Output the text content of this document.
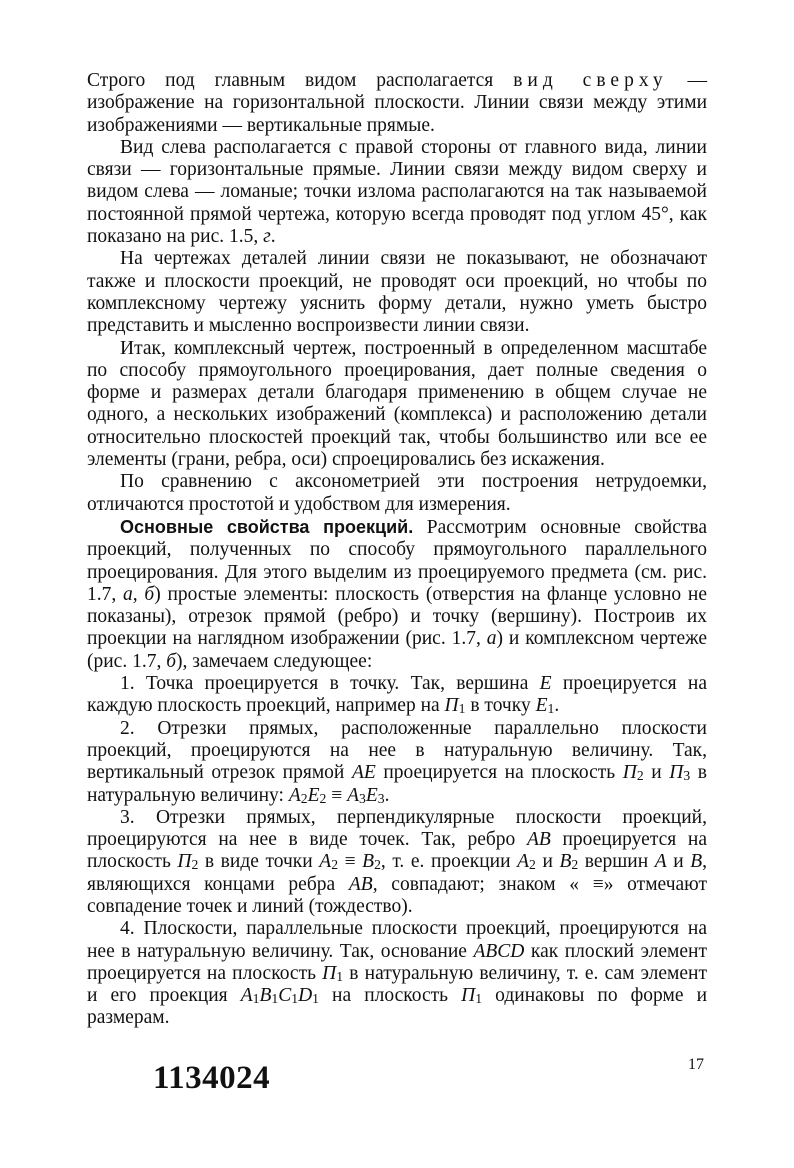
Строго под главным видом располагается вид сверху — изображение на горизонтальной плоскости. Линии связи между этими изображениями — вертикальные прямые.

Вид слева располагается с правой стороны от главного вида, линии связи — горизонтальные прямые. Линии связи между видом сверху и видом слева — ломаные; точки излома располагаются на так называемой постоянной прямой чертежа, которую всегда проводят под углом 45°, как показано на рис. 1.5, г.

На чертежах деталей линии связи не показывают, не обозначают также и плоскости проекций, не проводят оси проекций, но чтобы по комплексному чертежу уяснить форму детали, нужно уметь быстро представить и мысленно воспроизвести линии связи.

Итак, комплексный чертеж, построенный в определенном масштабе по способу прямоугольного проецирования, дает полные сведения о форме и размерах детали благодаря применению в общем случае не одного, а нескольких изображений (комплекса) и расположению детали относительно плоскостей проекций так, чтобы большинство или все ее элементы (грани, ребра, оси) спроецировались без искажения.

По сравнению с аксонометрией эти построения нетрудоемки, отличаются простотой и удобством для измерения.

Основные свойства проекций. Рассмотрим основные свойства проекций, полученных по способу прямоугольного параллельного проецирования. Для этого выделим из проецируемого предмета (см. рис. 1.7, а, б) простые элементы: плоскость (отверстия на фланце условно не показаны), отрезок прямой (ребро) и точку (вершину). Построив их проекции на наглядном изображении (рис. 1.7, а) и комплексном чертеже (рис. 1.7, б), замечаем следующее:

1. Точка проецируется в точку. Так, вершина E проецируется на каждую плоскость проекций, например на $П_1$ в точку $E_1$.

2. Отрезки прямых, расположенные параллельно плоскости проекций, проецируются на нее в натуральную величину. Так, вертикальный отрезок прямой AE проецируется на плоскость $П_2$ и $П_3$ в натуральную величину: $A_2E_2 \equiv A_3E_3$.

3. Отрезки прямых, перпендикулярные плоскости проекций, проецируются на нее в виде точек. Так, ребро AB проецируется на плоскость $П_2$ в виде точки $A_2 \equiv B_2$, т. е. проекции $A_2$ и $B_2$ вершин A и B, являющихся концами ребра AB, совпадают; знаком « ≡» отмечают совпадение точек и линий (тождество).

4. Плоскости, параллельные плоскости проекций, проецируются на нее в натуральную величину. Так, основание ABCD как плоский элемент проецируется на плоскость $П_1$ в натуральную величину, т. е. сам элемент и его проекция $A_1B_1C_1D_1$ на плоскость $П_1$ одинаковы по форме и размерам.

1134024	17
